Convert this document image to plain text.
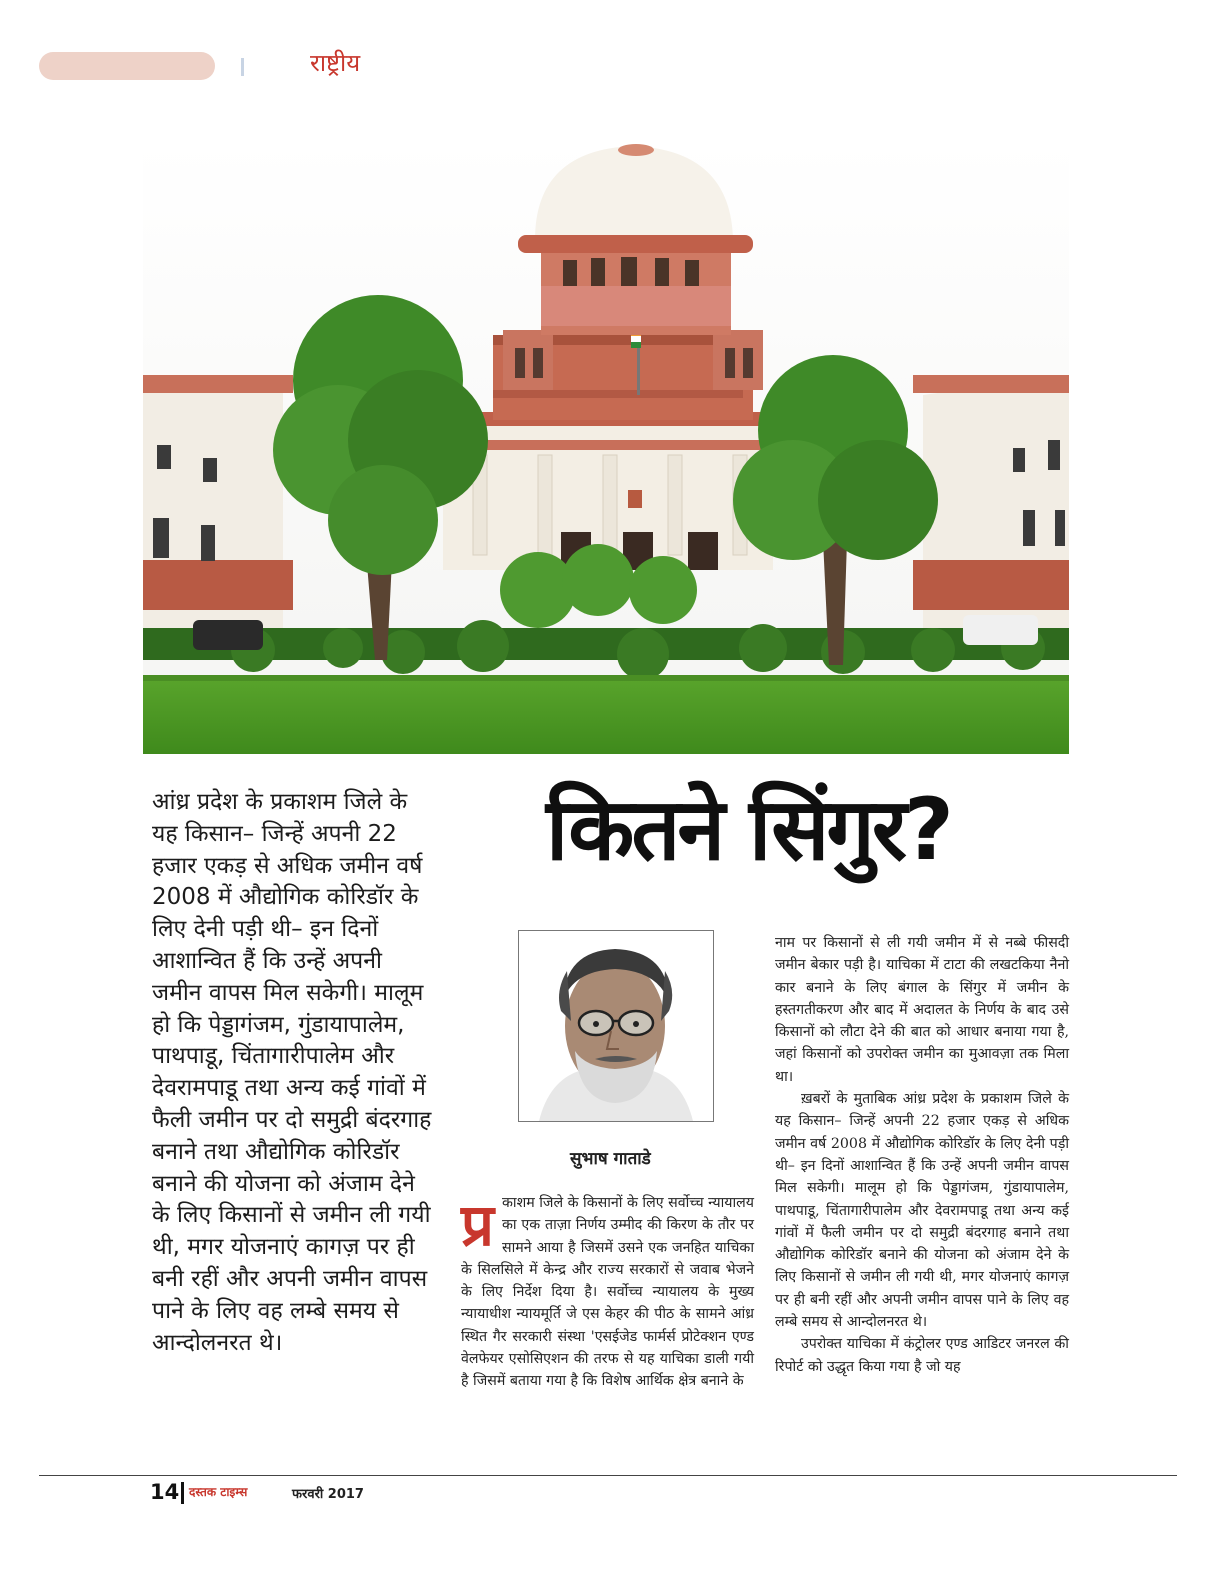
राष्ट्रीय
आंध्र प्रदेश के प्रकाशम जिले के यह किसान– जिन्हें अपनी 22 हजार एकड़ से अधिक जमीन वर्ष 2008 में औद्योगिक कोरिडॉर के लिए देनी पड़ी थी– इन दिनों आशान्वित हैं कि उन्हें अपनी जमीन वापस मिल सकेगी। मालूम हो कि पेड्डागंजम, गुंडायापालेम, पाथपाडू, चिंतागारीपालेम और देवरामपाडू तथा अन्य कई गांवों में फैली जमीन पर दो समुद्री बंदरगाह बनाने तथा औद्योगिक कोरिडॉर बनाने की योजना को अंजाम देने के लिए किसानों से जमीन ली गयी थी, मगर योजनाएं कागज़ पर ही बनी रहीं और अपनी जमीन वापस पाने के लिए वह लम्बे समय से आन्दोलनरत थे।
कितने सिंगुर?
सुभाष गाताडे
प्र काशम जिले के किसानों के लिए सर्वोच्च न्यायालय का एक ताज़ा निर्णय उम्मीद की किरण के तौर पर सामने आया है जिसमें उसने एक जनहित याचिका के सिलसिले में केन्द्र और राज्य सरकारों से जवाब भेजने के लिए निर्देश दिया है। सर्वोच्च न्यायालय के मुख्य न्यायाधीश न्यायमूर्ति जे एस केहर की पीठ के सामने आंध्र स्थित गैर सरकारी संस्था 'एसईजेड फार्मर्स प्रोटेक्शन एण्ड वेलफेयर एसोसिएशन की तरफ से यह याचिका डाली गयी है जिसमें बताया गया है कि विशेष आर्थिक क्षेत्र बनाने के

नाम पर किसानों से ली गयी जमीन में से नब्बे फीसदी जमीन बेकार पड़ी है। याचिका में टाटा की लखटकिया नैनो कार बनाने के लिए बंगाल के सिंगुर में जमीन के हस्तगतीकरण और बाद में अदालत के निर्णय के बाद उसे किसानों को लौटा देने की बात को आधार बनाया गया है, जहां किसानों को उपरोक्त जमीन का मुआवज़ा तक मिला था।

ख़बरों के मुताबिक आंध्र प्रदेश के प्रकाशम जिले के यह किसान– जिन्हें अपनी 22 हजार एकड़ से अधिक जमीन वर्ष 2008 में औद्योगिक कोरिडॉर के लिए देनी पड़ी थी– इन दिनों आशान्वित हैं कि उन्हें अपनी जमीन वापस मिल सकेगी। मालूम हो कि पेड्डागंजम, गुंडायापालेम, पाथपाडू, चिंतागारीपालेम और देवरामपाडू तथा अन्य कई गांवों में फैली जमीन पर दो समुद्री बंदरगाह बनाने तथा औद्योगिक कोरिडॉर बनाने की योजना को अंजाम देने के लिए किसानों से जमीन ली गयी थी, मगर योजनाएं कागज़ पर ही बनी रहीं और अपनी जमीन वापस पाने के लिए वह लम्बे समय से आन्दोलनरत थे।

उपरोक्त याचिका में कंट्रोलर एण्ड आडिटर जनरल की रिपोर्ट को उद्धृत किया गया है जो यह

14 दस्तक टाइम्स	फरवरी 2017
